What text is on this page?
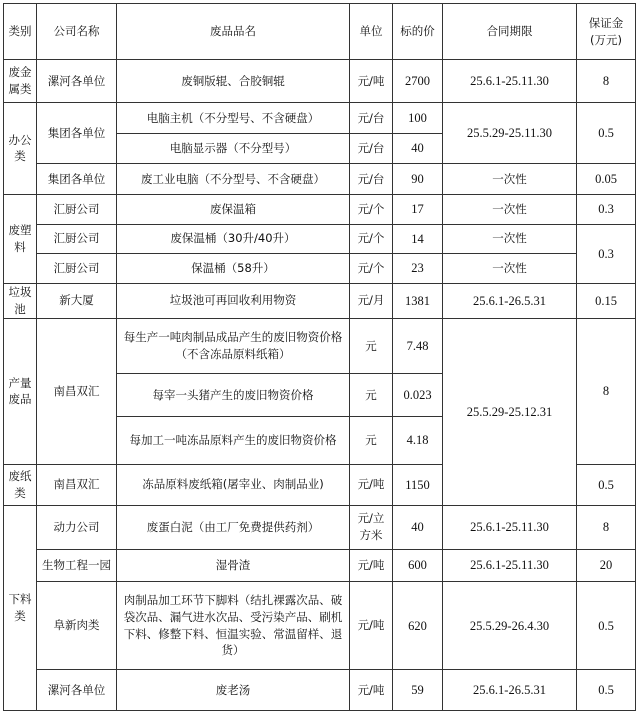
类别	公司名称	废品品名	单位	标的价	合同期限	保证金
(万元)
废金属类	漯河各单位	废铜版辊、合胶铜辊	元/吨	2700	25.6.1-25.11.30	8
办公类	集团各单位	电脑主机（不分型号、不含硬盘）	元/台	100	25.5.29-25.11.30	0.5
		电脑显示器（不分型号）	元/台	40		
	集团各单位	废工业电脑（不分型号、不含硬盘）	元/台	90	一次性	0.05
废塑料	汇厨公司	废保温箱	元/个	17	一次性	0.3
	汇厨公司	废保温桶（30升/40升）	元/个	14	一次性	0.3
	汇厨公司	保温桶（58升）	元/个	23	一次性	
垃圾池	新大厦	垃圾池可再回收利用物资	元/月	1381	25.6.1-26.5.31	0.15
产量废品	南昌双汇	每生产一吨肉制品成品产生的废旧物资价格
（不含冻品原料纸箱）	元	7.48	25.5.29-25.12.31	8
		每宰一头猪产生的废旧物资价格	元	0.023		
		每加工一吨冻品原料产生的废旧物资价格	元	4.18		
废纸类	南昌双汇	冻品原料废纸箱(屠宰业、肉制品业)	元/吨	1150		0.5
下料类	动力公司	废蛋白泥（由工厂免费提供药剂）	元/立方米	40	25.6.1-25.11.30	8
	生物工程一园	湿骨渣	元/吨	600	25.6.1-25.11.30	20
	阜新肉类	肉制品加工环节下脚料（结扎裸露次品、破袋次品、漏气进水次品、受污染产品、刷机下料、修整下料、恒温实验、常温留样、退货）	元/吨	620	25.5.29-26.4.30	0.5
	漯河各单位	废老汤	元/吨	59	25.6.1-26.5.31	0.5
